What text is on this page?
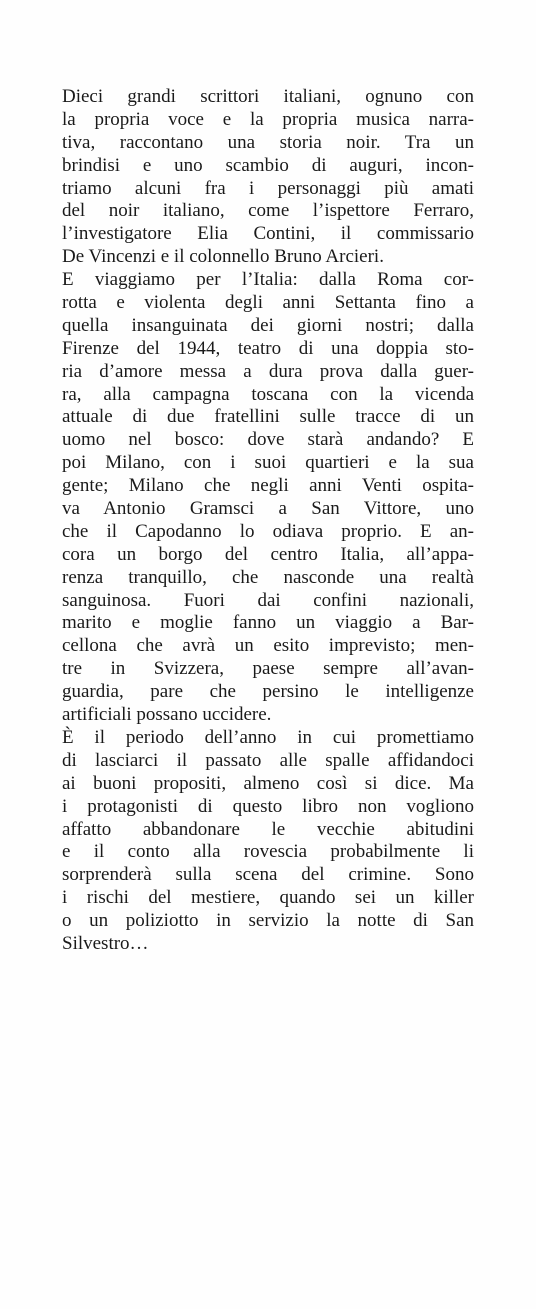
Dieci grandi scrittori italiani, ognuno con
la propria voce e la propria musica narra-
tiva, raccontano una storia noir. Tra un
brindisi e uno scambio di auguri, incon-
triamo alcuni fra i personaggi più amati
del noir italiano, come l’ispettore Ferraro,
l’investigatore Elia Contini, il commissario
De Vincenzi e il colonnello Bruno Arcieri.
E viaggiamo per l’Italia: dalla Roma cor-
rotta e violenta degli anni Settanta fino a
quella insanguinata dei giorni nostri; dalla
Firenze del 1944, teatro di una doppia sto-
ria d’amore messa a dura prova dalla guer-
ra, alla campagna toscana con la vicenda
attuale di due fratellini sulle tracce di un
uomo nel bosco: dove starà andando? E
poi Milano, con i suoi quartieri e la sua
gente; Milano che negli anni Venti ospita-
va Antonio Gramsci a San Vittore, uno
che il Capodanno lo odiava proprio. E an-
cora un borgo del centro Italia, all’appa-
renza tranquillo, che nasconde una realtà
sanguinosa. Fuori dai confini nazionali,
marito e moglie fanno un viaggio a Bar-
cellona che avrà un esito imprevisto; men-
tre in Svizzera, paese sempre all’avan-
guardia, pare che persino le intelligenze
artificiali possano uccidere.
È il periodo dell’anno in cui promettiamo
di lasciarci il passato alle spalle affidandoci
ai buoni propositi, almeno così si dice. Ma
i protagonisti di questo libro non vogliono
affatto abbandonare le vecchie abitudini
e il conto alla rovescia probabilmente li
sorprenderà sulla scena del crimine. Sono
i rischi del mestiere, quando sei un killer
o un poliziotto in servizio la notte di San
Silvestro…
